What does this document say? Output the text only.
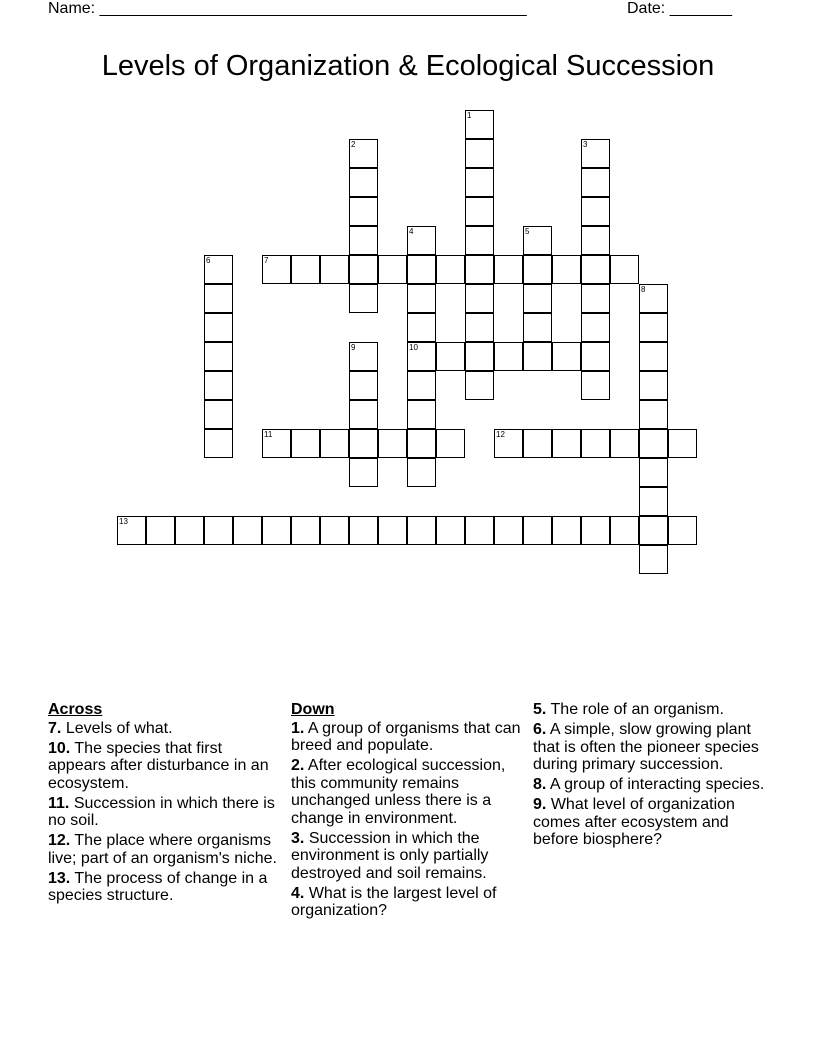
Name: ________________________________________________	Date: _______
Levels of Organization & Ecological Succession
1
2	3
4
10
5
6
8
9
7
11	12
13
Across
7. Levels of what.
10. The species that first appears after disturbance in an ecosystem.
11. Succession in which there is no soil.
12. The place where organisms live; part of an organism's niche.
13. The process of change in a species structure.
Down
1. A group of organisms that can breed and populate.
2. After ecological succession, this community remains unchanged unless there is a change in environment.
3. Succession in which the environment is only partially destroyed and soil remains.
4. What is the largest level of organization?
5. The role of an organism.
6. A simple, slow growing plant that is often the pioneer species during primary succession.
8. A group of interacting species.
9. What level of organization comes after ecosystem and before biosphere?
